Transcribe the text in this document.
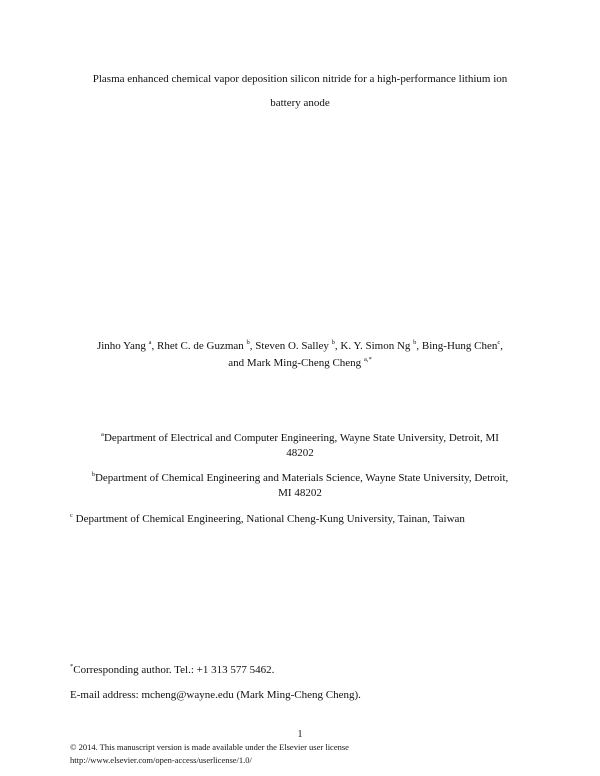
Plasma enhanced chemical vapor deposition silicon nitride for a high-performance lithium ion
battery anode
Jinho Yang $^a$, Rhet C. de Guzman $^b$, Steven O. Salley $^b$, K. Y. Simon Ng $^b$, Bing-Hung Chen$^c$,
and Mark Ming-Cheng Cheng $^{a,*}$
$^a$Department of Electrical and Computer Engineering, Wayne State University, Detroit, MI
48202
$^b$Department of Chemical Engineering and Materials Science, Wayne State University, Detroit,
MI 48202
$^c$ Department of Chemical Engineering, National Cheng-Kung University, Tainan, Taiwan
*Corresponding author. Tel.: +1 313 577 5462.
E-mail address: mcheng@wayne.edu (Mark Ming-Cheng Cheng).
1
© 2014. This manuscript version is made available under the Elsevier user license
http://www.elsevier.com/open-access/userlicense/1.0/
